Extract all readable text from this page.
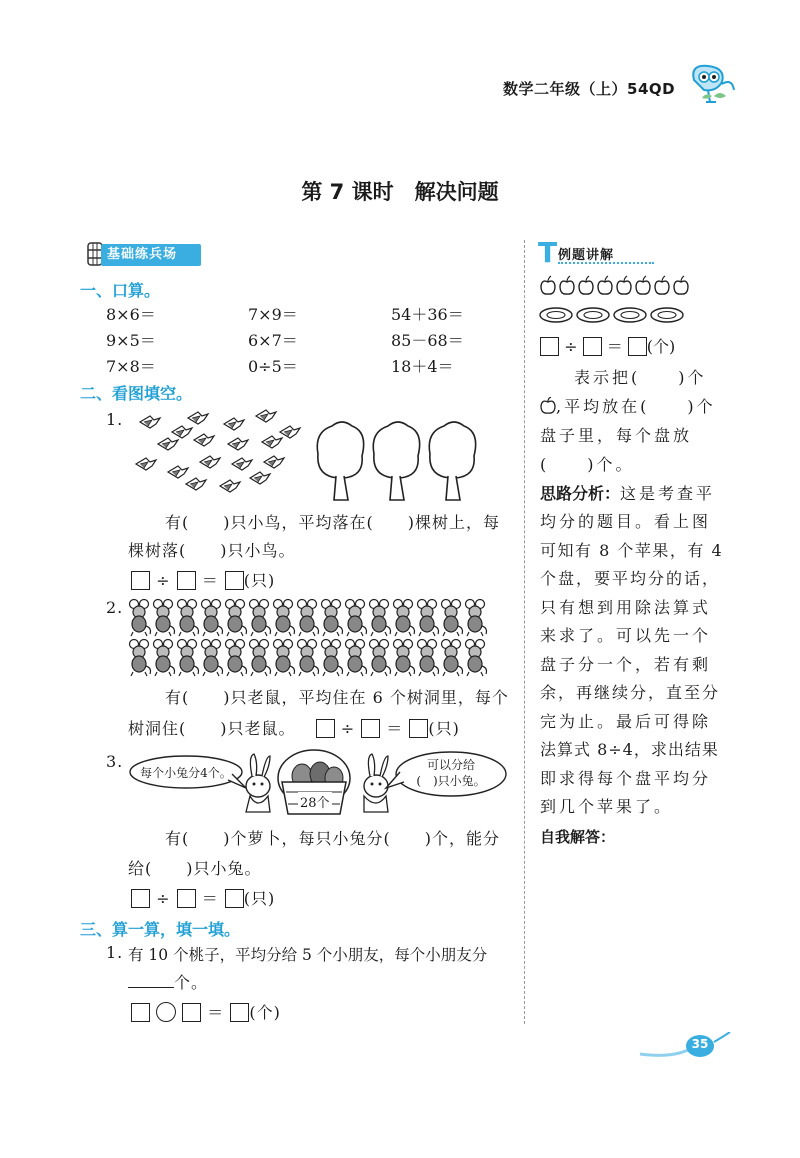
数学二年级（上）54QD
第 7 课时　解决问题
基础练兵场
一、口算。
8×6＝	7×9＝	54＋36＝
9×5＝	6×7＝	85－68＝
7×8＝	0÷5＝	18＋4＝
二、看图填空。
1.
有(　　)只小鸟，平均落在(　　)棵树上，每
棵树落(　　)只小鸟。
÷ ＝ (只)
2.
有(　　)只老鼠，平均住在 6 个树洞里，每个
树洞住(　　)只老鼠。	÷ ＝ (只)
3.
每个小兔分4个。
28个
可以分给
(　)只小兔。
有(　　)个萝卜，每只小兔分(　　)个，能分
给(　　)只小兔。
÷ ＝ (只)
三、算一算，填一填。
1. 有 10 个桃子，平均分给 5 个小朋友，每个小朋友分
个。
＝ (个)
T 例题讲解
÷ ＝ (个)
表示把(　　)个
,平均放在(　　)个
盘子里，每个盘放
(　　)个。
思路分析：这是考查平
均分的题目。看上图
可知有 8 个苹果，有 4
个盘，要平均分的话，
只有想到用除法算式
来求了。可以先一个
盘子分一个，若有剩
余，再继续分，直至分
完为止。最后可得除
法算式 8÷4，求出结果
即求得每个盘平均分
到几个苹果了。
自我解答：
35
